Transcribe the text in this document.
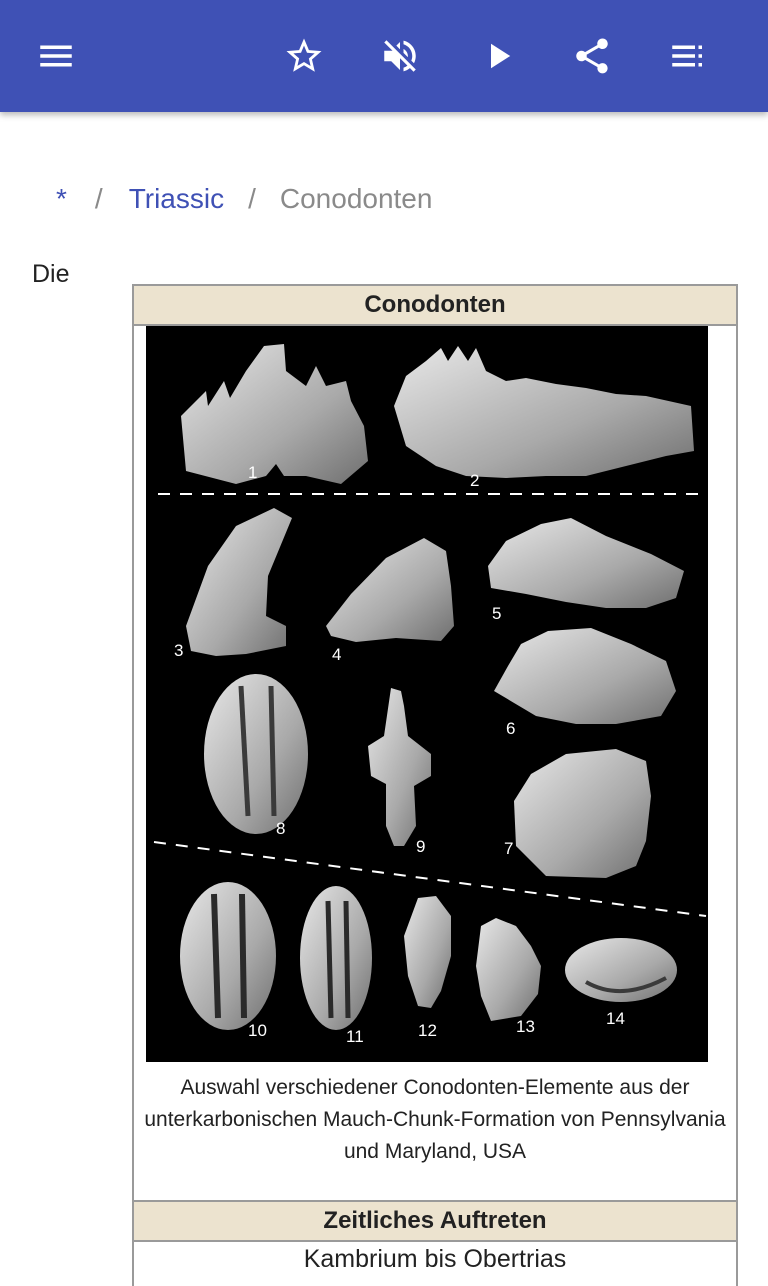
* / Triassic / Conodonten
Die
Conodonten
1	2
3	4
5
6
7
8
9
10	11	12	13	14
Auswahl verschiedener Conodonten-Elemente aus der unterkarbonischen Mauch-Chunk-Formation von Pennsylvania und Maryland, USA
Zeitliches Auftreten
Kambrium bis Obertrias
